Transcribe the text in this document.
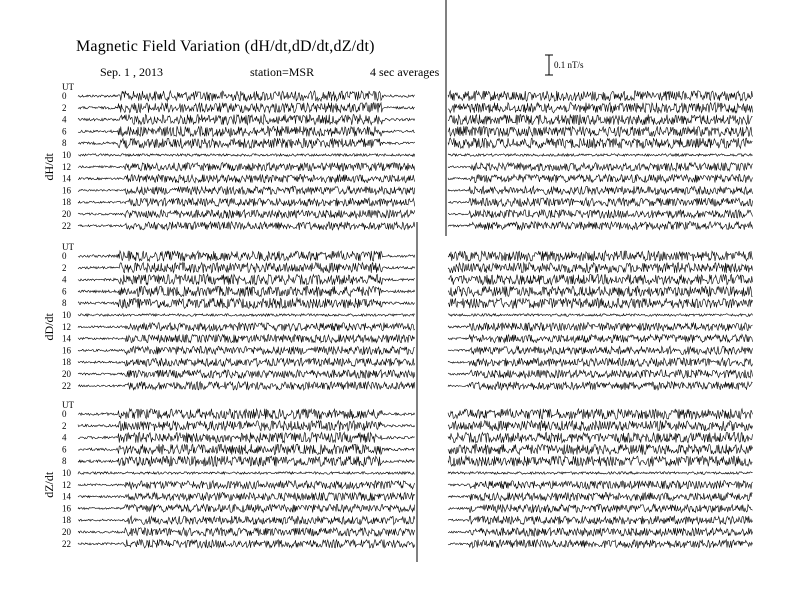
UT
dH/dt
0
2
4
6
8
10
12
14
16
18
20
22
UT
dD/dt
0
2
4
6
8
10
12
14
16
18
20
22
UT
dZ/dt
0
2
4
6
8
10
12
14
16
18
20
22
Magnetic Field Variation (dH/dt,dD/dt,dZ/dt)
Sep. 1 , 2013	station=MSR	4 sec averages	0.1 nT/s
